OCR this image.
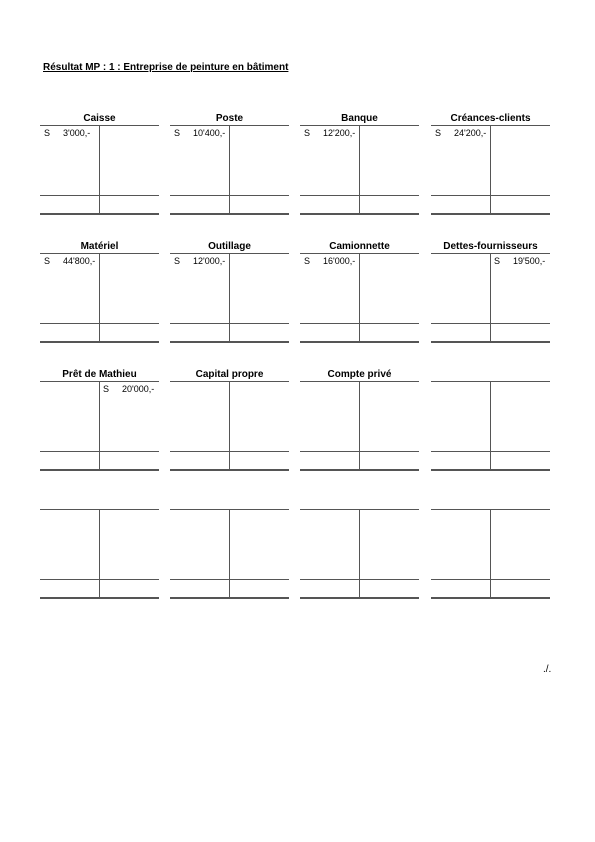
Résultat MP : 1 : Entreprise de peinture en bâtiment
Caisse
S 3'000,-
Poste
S 10'400,-
Banque
S 12'200,-
Créances-clients
S 24'200,-
Matériel
S 44'800,-
Outillage
S 12'000,-
Camionnette
S 16'000,-
Dettes-fournisseurs
S 19'500,-
Prêt de Mathieu
S 20'000,-
Capital propre	Compte privé
./.
